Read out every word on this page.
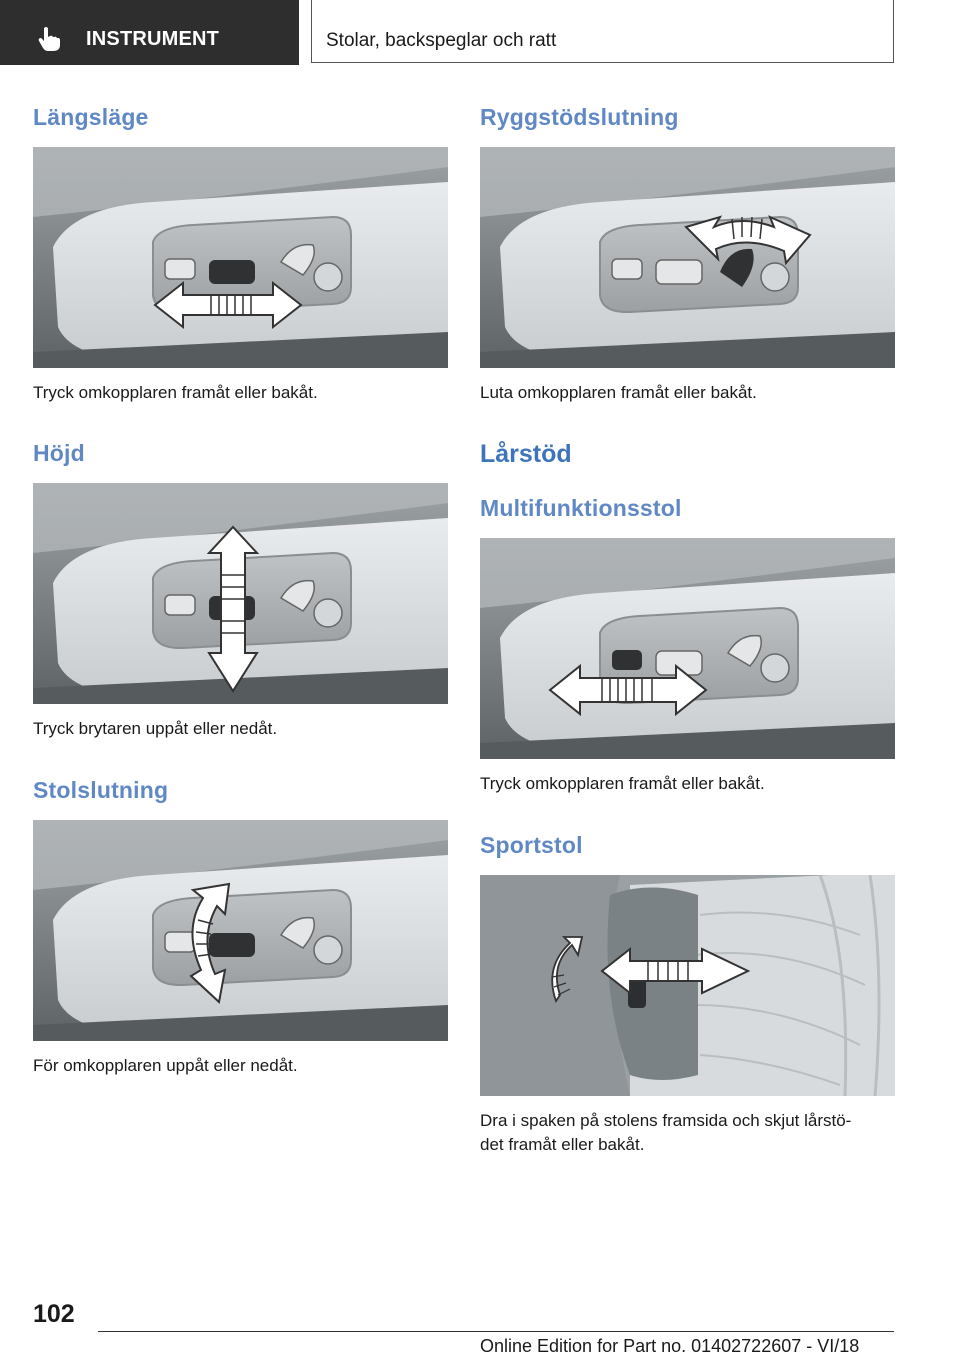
INSTRUMENT	Stolar, backspeglar och ratt
Längsläge
Tryck omkopplaren framåt eller bakåt.
Höjd
Tryck brytaren uppåt eller nedåt.
Stolslutning
För omkopplaren uppåt eller nedåt.
Ryggstödslutning
Luta omkopplaren framåt eller bakåt.
Lårstöd
Multifunktionsstol
Tryck omkopplaren framåt eller bakåt.
Sportstol
Dra i spaken på stolens framsida och skjut lårstö-
det framåt eller bakåt.
102
Online Edition for Part no. 01402722607 - VI/18
